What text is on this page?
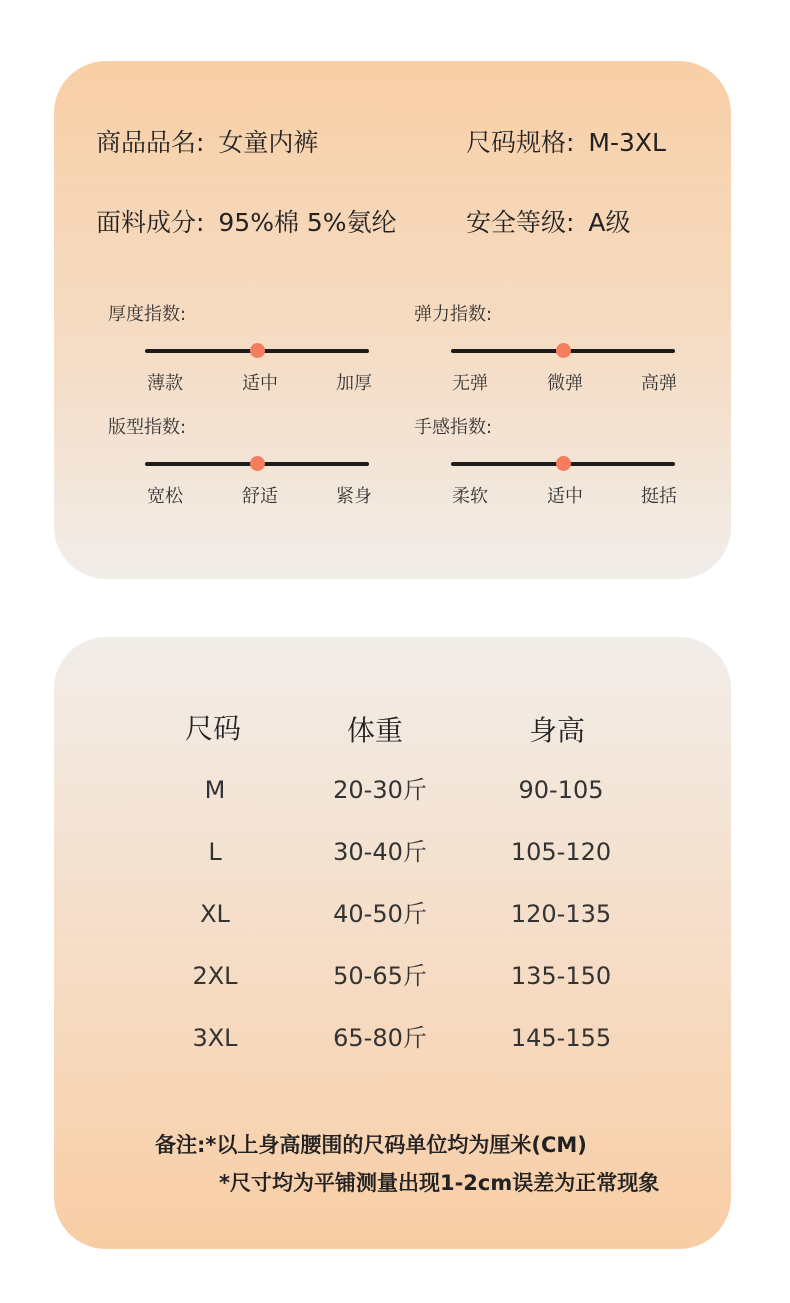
商品品名: 女童内裤	尺码规格: M-3XL
面料成分: 95%棉 5%氨纶	安全等级: A级
厚度指数:
薄款	适中	加厚
弹力指数:
无弹	微弹	高弹
版型指数:
宽松	舒适	紧身
手感指数:
柔软	适中	挺括
尺码	体重	身高
M	20-30斤	90-105
L	30-40斤	105-120
XL	40-50斤	120-135
2XL	50-65斤	135-150
3XL	65-80斤	145-155
备注:*以上身高腰围的尺码单位均为厘米(CM)
*尺寸均为平铺测量出现1-2cm误差为正常现象
